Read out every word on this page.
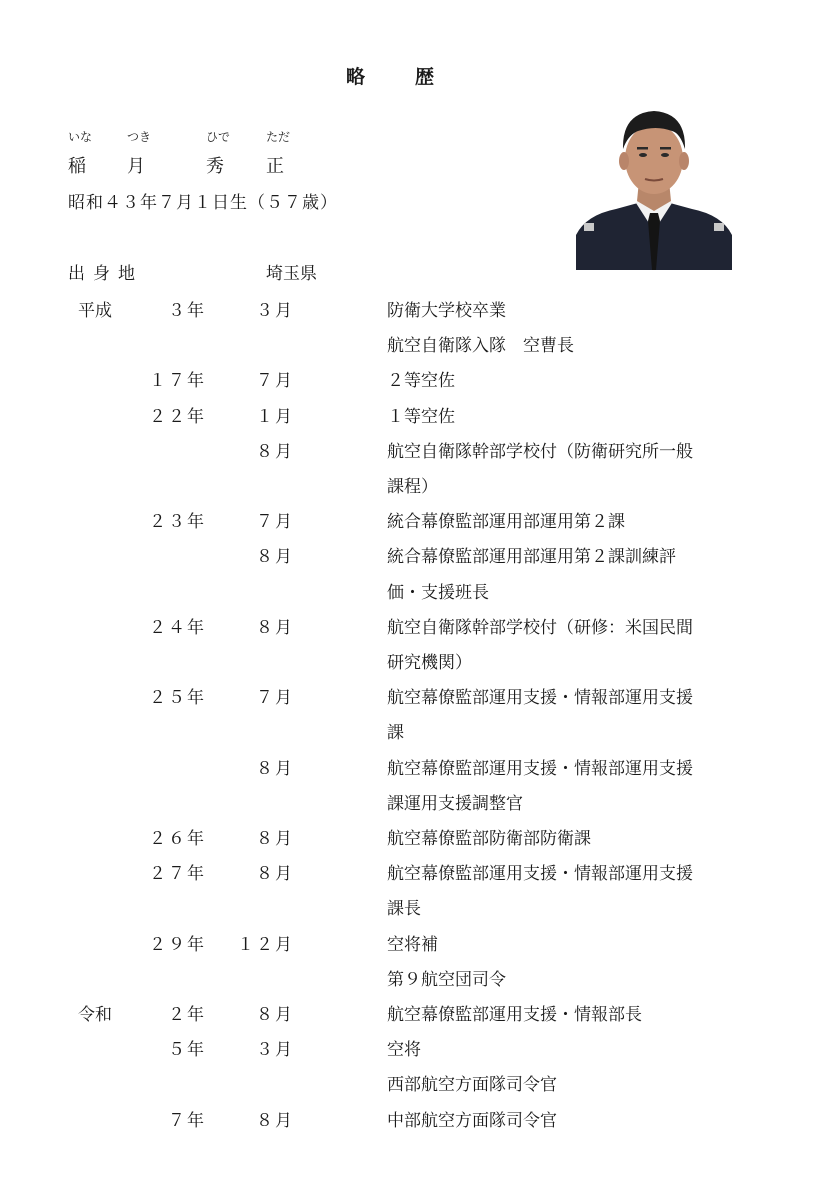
略歴
いな	つき	ひで	ただ
稲 月	秀 正
昭和４３年７月１日生（５７歳）
出身地	埼玉県
平成	３年	３月	防衛大学校卒業
航空自衛隊入隊　空曹長
１７年	７月	２等空佐
２２年	１月	１等空佐
８月	航空自衛隊幹部学校付（防衛研究所一般
課程）
２３年	７月	統合幕僚監部運用部運用第２課
８月	統合幕僚監部運用部運用第２課訓練評
価・支援班長
２４年	８月	航空自衛隊幹部学校付（研修：米国民間
研究機関）
２５年	７月	航空幕僚監部運用支援・情報部運用支援
課
８月	航空幕僚監部運用支援・情報部運用支援
課運用支援調整官
２６年	８月	航空幕僚監部防衛部防衛課
２７年	８月	航空幕僚監部運用支援・情報部運用支援
課長
２９年	１２月	空将補
第９航空団司令
令和	２年	８月	航空幕僚監部運用支援・情報部長
５年	３月	空将
西部航空方面隊司令官
７年	８月	中部航空方面隊司令官
